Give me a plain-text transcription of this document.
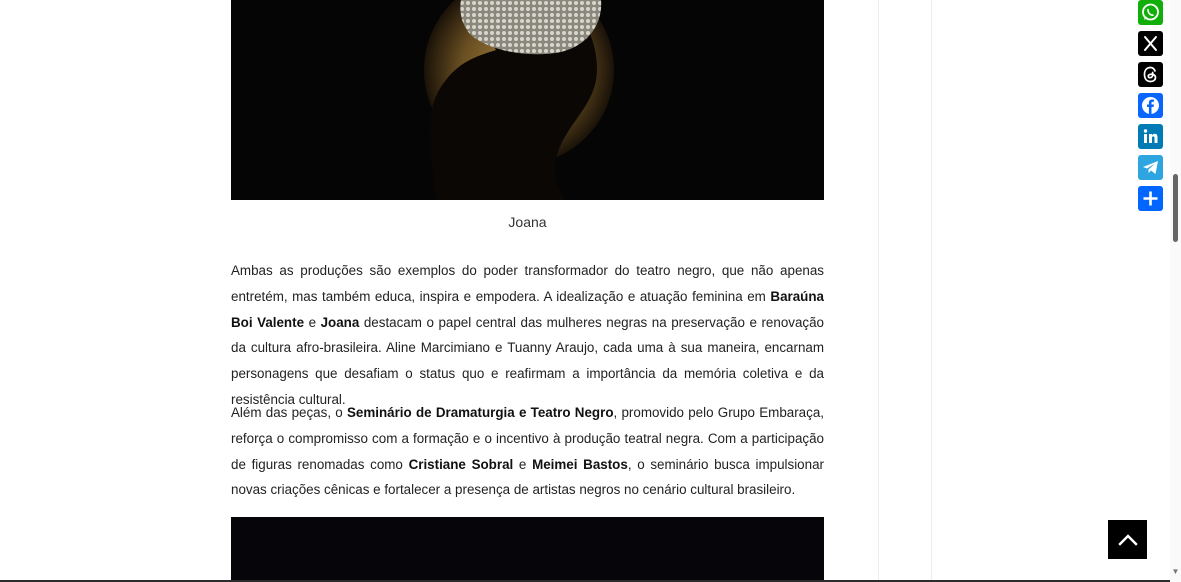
Joana

Ambas as produções são exemplos do poder transformador do teatro negro, que não apenas entretém, mas também educa, inspira e empodera. A idealização e atuação feminina em Baraúna Boi Valente e Joana destacam o papel central das mulheres negras na preservação e renovação da cultura afro-brasileira. Aline Marcimiano e Tuanny Araujo, cada uma à sua maneira, encarnam personagens que desafiam o status quo e reafirmam a importância da memória coletiva e da resistência cultural.

Além das peças, o Seminário de Dramaturgia e Teatro Negro, promovido pelo Grupo Embaraça, reforça o compromisso com a formação e o incentivo à produção teatral negra. Com a participação de figuras renomadas como Cristiane Sobral e Meimei Bastos, o seminário busca impulsionar novas criações cênicas e fortalecer a presença de artistas negros no cenário cultural brasileiro.

▼
